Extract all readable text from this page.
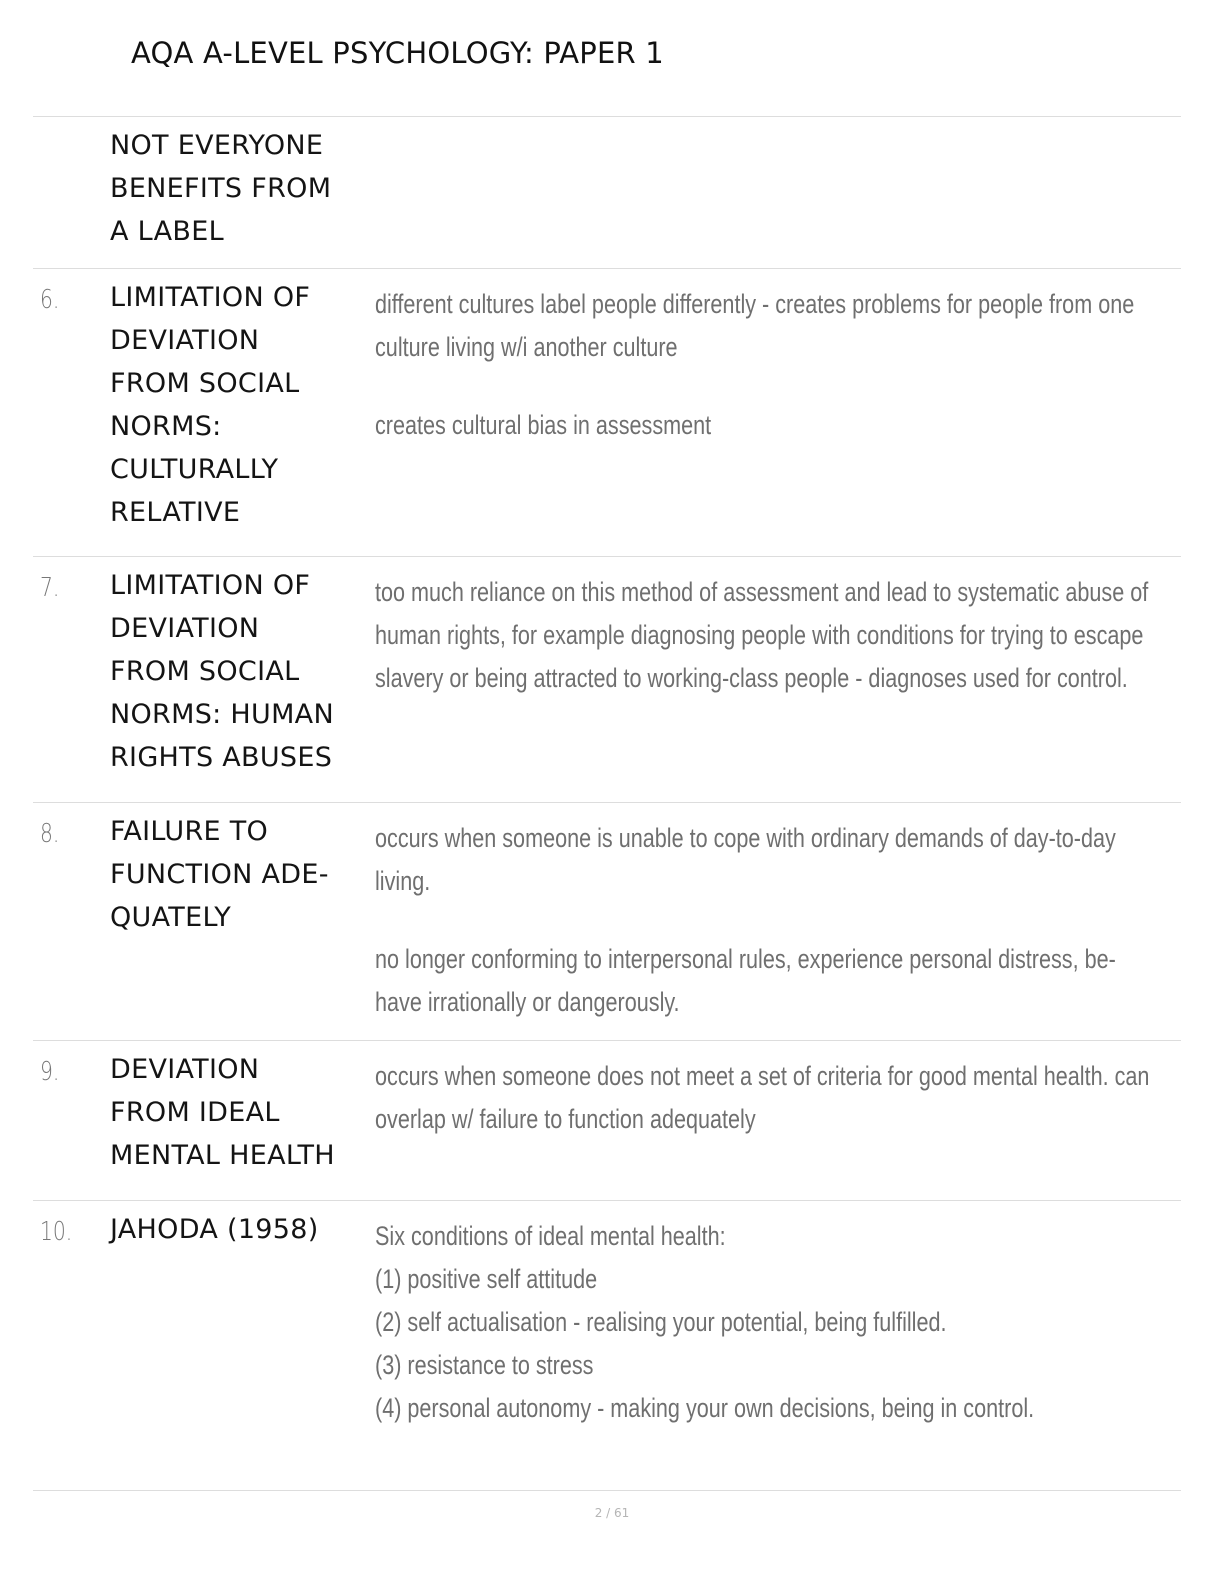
AQA A-LEVEL PSYCHOLOGY: PAPER 1
NOT EVERYONE
BENEFITS FROM
A LABEL
6. LIMITATION OF
DEVIATION
FROM SOCIAL
NORMS:
CULTURALLY
RELATIVE
different cultures label people differently - creates problems for people from one
culture living w/i another culture
creates cultural bias in assessment
7. LIMITATION OF
DEVIATION
FROM SOCIAL
NORMS: HUMAN
RIGHTS ABUSES
too much reliance on this method of assessment and lead to systematic abuse of
human rights, for example diagnosing people with conditions for trying to escape
slavery or being attracted to working-class people - diagnoses used for control.
8. FAILURE TO
FUNCTION ADE-
QUATELY
occurs when someone is unable to cope with ordinary demands of day-to-day
living.
no longer conforming to interpersonal rules, experience personal distress, be-
have irrationally or dangerously.
9. DEVIATION
FROM IDEAL
MENTAL HEALTH
occurs when someone does not meet a set of criteria for good mental health. can
overlap w/ failure to function adequately
10. JAHODA (1958)	Six conditions of ideal mental health:
(1) positive self attitude
(2) self actualisation - realising your potential, being fulfilled.
(3) resistance to stress
(4) personal autonomy - making your own decisions, being in control.
2 / 61
